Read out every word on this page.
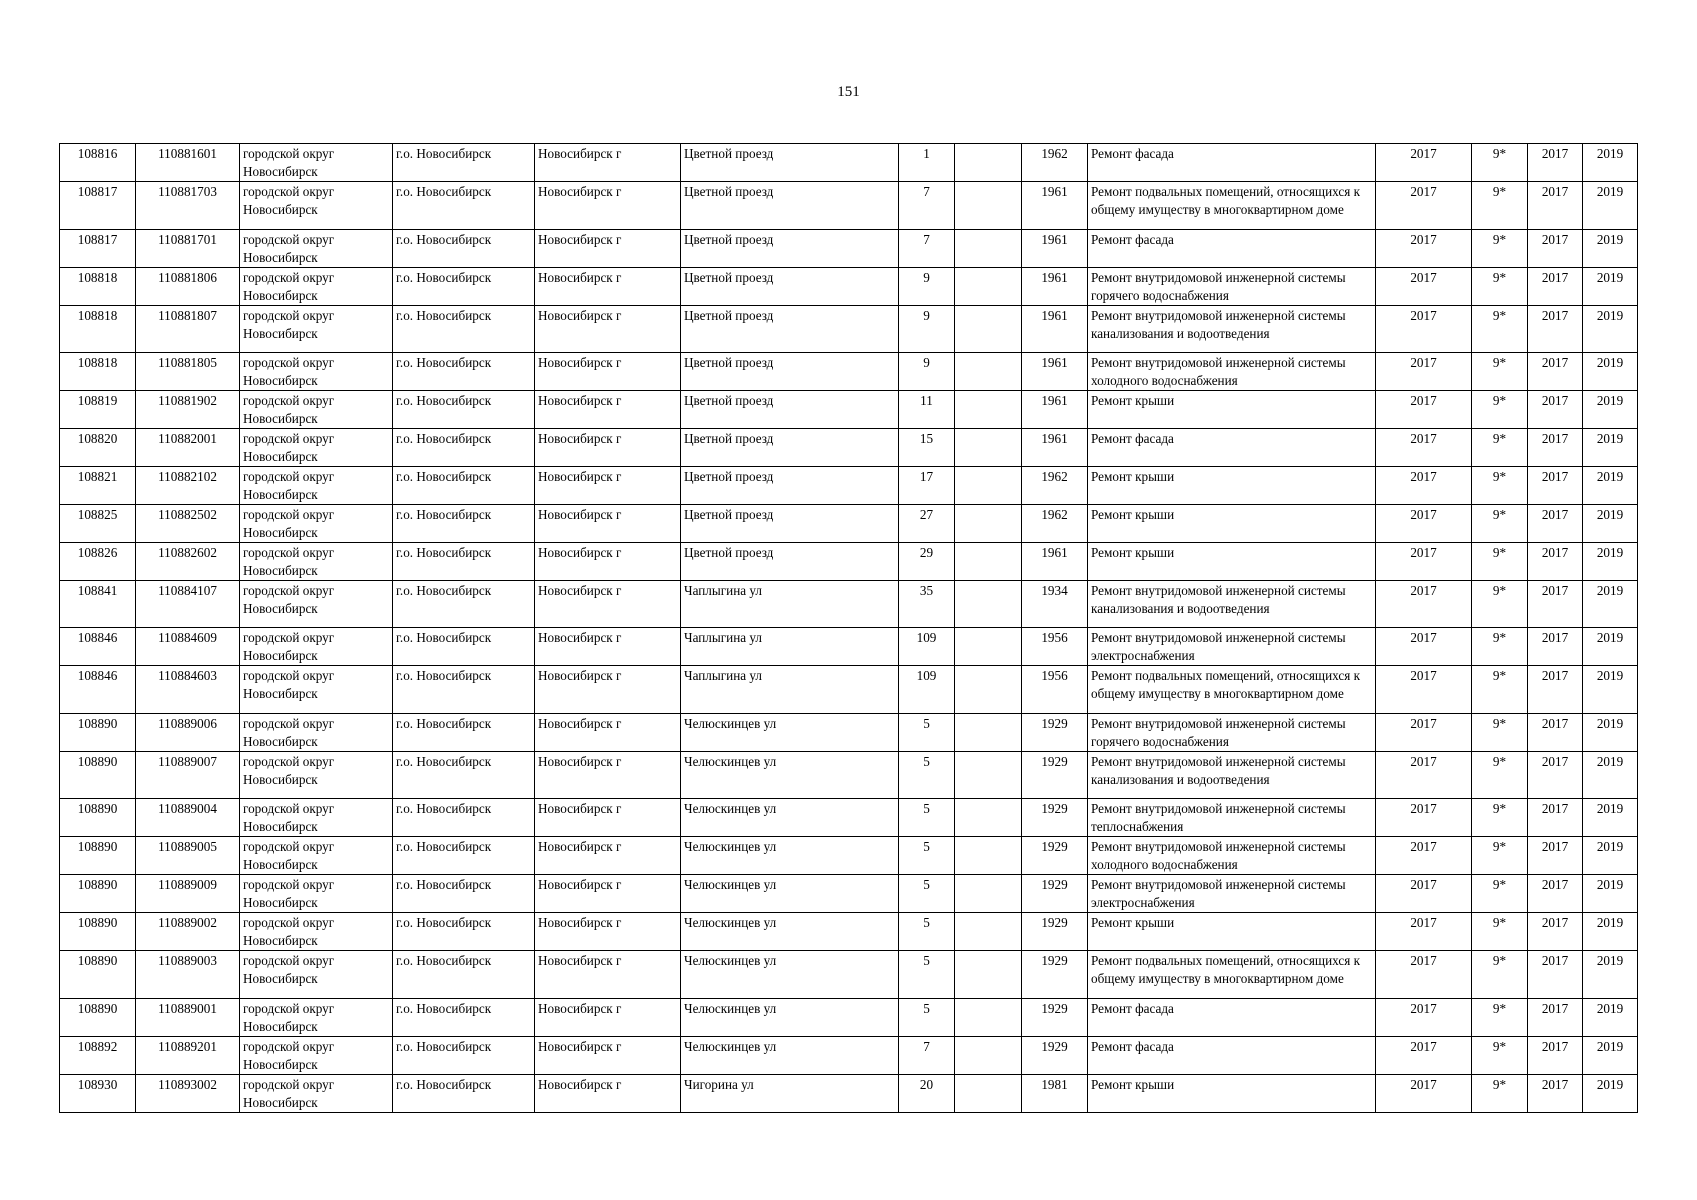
151
108816	110881601	городской округ Новосибирск	г.о. Новосибирск	Новосибирск г	Цветной проезд	1		1962	Ремонт фасада	2017	9*	2017	2019
108817	110881703	городской округ Новосибирск	г.о. Новосибирск	Новосибирск г	Цветной проезд	7		1961	Ремонт подвальных помещений, относящихся к общему имуществу в многоквартирном доме	2017	9*	2017	2019
108817	110881701	городской округ Новосибирск	г.о. Новосибирск	Новосибирск г	Цветной проезд	7		1961	Ремонт фасада	2017	9*	2017	2019
108818	110881806	городской округ Новосибирск	г.о. Новосибирск	Новосибирск г	Цветной проезд	9		1961	Ремонт внутридомовой инженерной системы горячего водоснабжения	2017	9*	2017	2019
108818	110881807	городской округ Новосибирск	г.о. Новосибирск	Новосибирск г	Цветной проезд	9		1961	Ремонт внутридомовой инженерной системы канализования и водоотведения	2017	9*	2017	2019
108818	110881805	городской округ Новосибирск	г.о. Новосибирск	Новосибирск г	Цветной проезд	9		1961	Ремонт внутридомовой инженерной системы холодного водоснабжения	2017	9*	2017	2019
108819	110881902	городской округ Новосибирск	г.о. Новосибирск	Новосибирск г	Цветной проезд	11		1961	Ремонт крыши	2017	9*	2017	2019
108820	110882001	городской округ Новосибирск	г.о. Новосибирск	Новосибирск г	Цветной проезд	15		1961	Ремонт фасада	2017	9*	2017	2019
108821	110882102	городской округ Новосибирск	г.о. Новосибирск	Новосибирск г	Цветной проезд	17		1962	Ремонт крыши	2017	9*	2017	2019
108825	110882502	городской округ Новосибирск	г.о. Новосибирск	Новосибирск г	Цветной проезд	27		1962	Ремонт крыши	2017	9*	2017	2019
108826	110882602	городской округ Новосибирск	г.о. Новосибирск	Новосибирск г	Цветной проезд	29		1961	Ремонт крыши	2017	9*	2017	2019
108841	110884107	городской округ Новосибирск	г.о. Новосибирск	Новосибирск г	Чаплыгина ул	35		1934	Ремонт внутридомовой инженерной системы канализования и водоотведения	2017	9*	2017	2019
108846	110884609	городской округ Новосибирск	г.о. Новосибирск	Новосибирск г	Чаплыгина ул	109		1956	Ремонт внутридомовой инженерной системы электроснабжения	2017	9*	2017	2019
108846	110884603	городской округ Новосибирск	г.о. Новосибирск	Новосибирск г	Чаплыгина ул	109		1956	Ремонт подвальных помещений, относящихся к общему имуществу в многоквартирном доме	2017	9*	2017	2019
108890	110889006	городской округ Новосибирск	г.о. Новосибирск	Новосибирск г	Челюскинцев ул	5		1929	Ремонт внутридомовой инженерной системы горячего водоснабжения	2017	9*	2017	2019
108890	110889007	городской округ Новосибирск	г.о. Новосибирск	Новосибирск г	Челюскинцев ул	5		1929	Ремонт внутридомовой инженерной системы канализования и водоотведения	2017	9*	2017	2019
108890	110889004	городской округ Новосибирск	г.о. Новосибирск	Новосибирск г	Челюскинцев ул	5		1929	Ремонт внутридомовой инженерной системы теплоснабжения	2017	9*	2017	2019
108890	110889005	городской округ Новосибирск	г.о. Новосибирск	Новосибирск г	Челюскинцев ул	5		1929	Ремонт внутридомовой инженерной системы холодного водоснабжения	2017	9*	2017	2019
108890	110889009	городской округ Новосибирск	г.о. Новосибирск	Новосибирск г	Челюскинцев ул	5		1929	Ремонт внутридомовой инженерной системы электроснабжения	2017	9*	2017	2019
108890	110889002	городской округ Новосибирск	г.о. Новосибирск	Новосибирск г	Челюскинцев ул	5		1929	Ремонт крыши	2017	9*	2017	2019
108890	110889003	городской округ Новосибирск	г.о. Новосибирск	Новосибирск г	Челюскинцев ул	5		1929	Ремонт подвальных помещений, относящихся к общему имуществу в многоквартирном доме	2017	9*	2017	2019
108890	110889001	городской округ Новосибирск	г.о. Новосибирск	Новосибирск г	Челюскинцев ул	5		1929	Ремонт фасада	2017	9*	2017	2019
108892	110889201	городской округ Новосибирск	г.о. Новосибирск	Новосибирск г	Челюскинцев ул	7		1929	Ремонт фасада	2017	9*	2017	2019
108930	110893002	городской округ Новосибирск	г.о. Новосибирск	Новосибирск г	Чигорина ул	20		1981	Ремонт крыши	2017	9*	2017	2019
